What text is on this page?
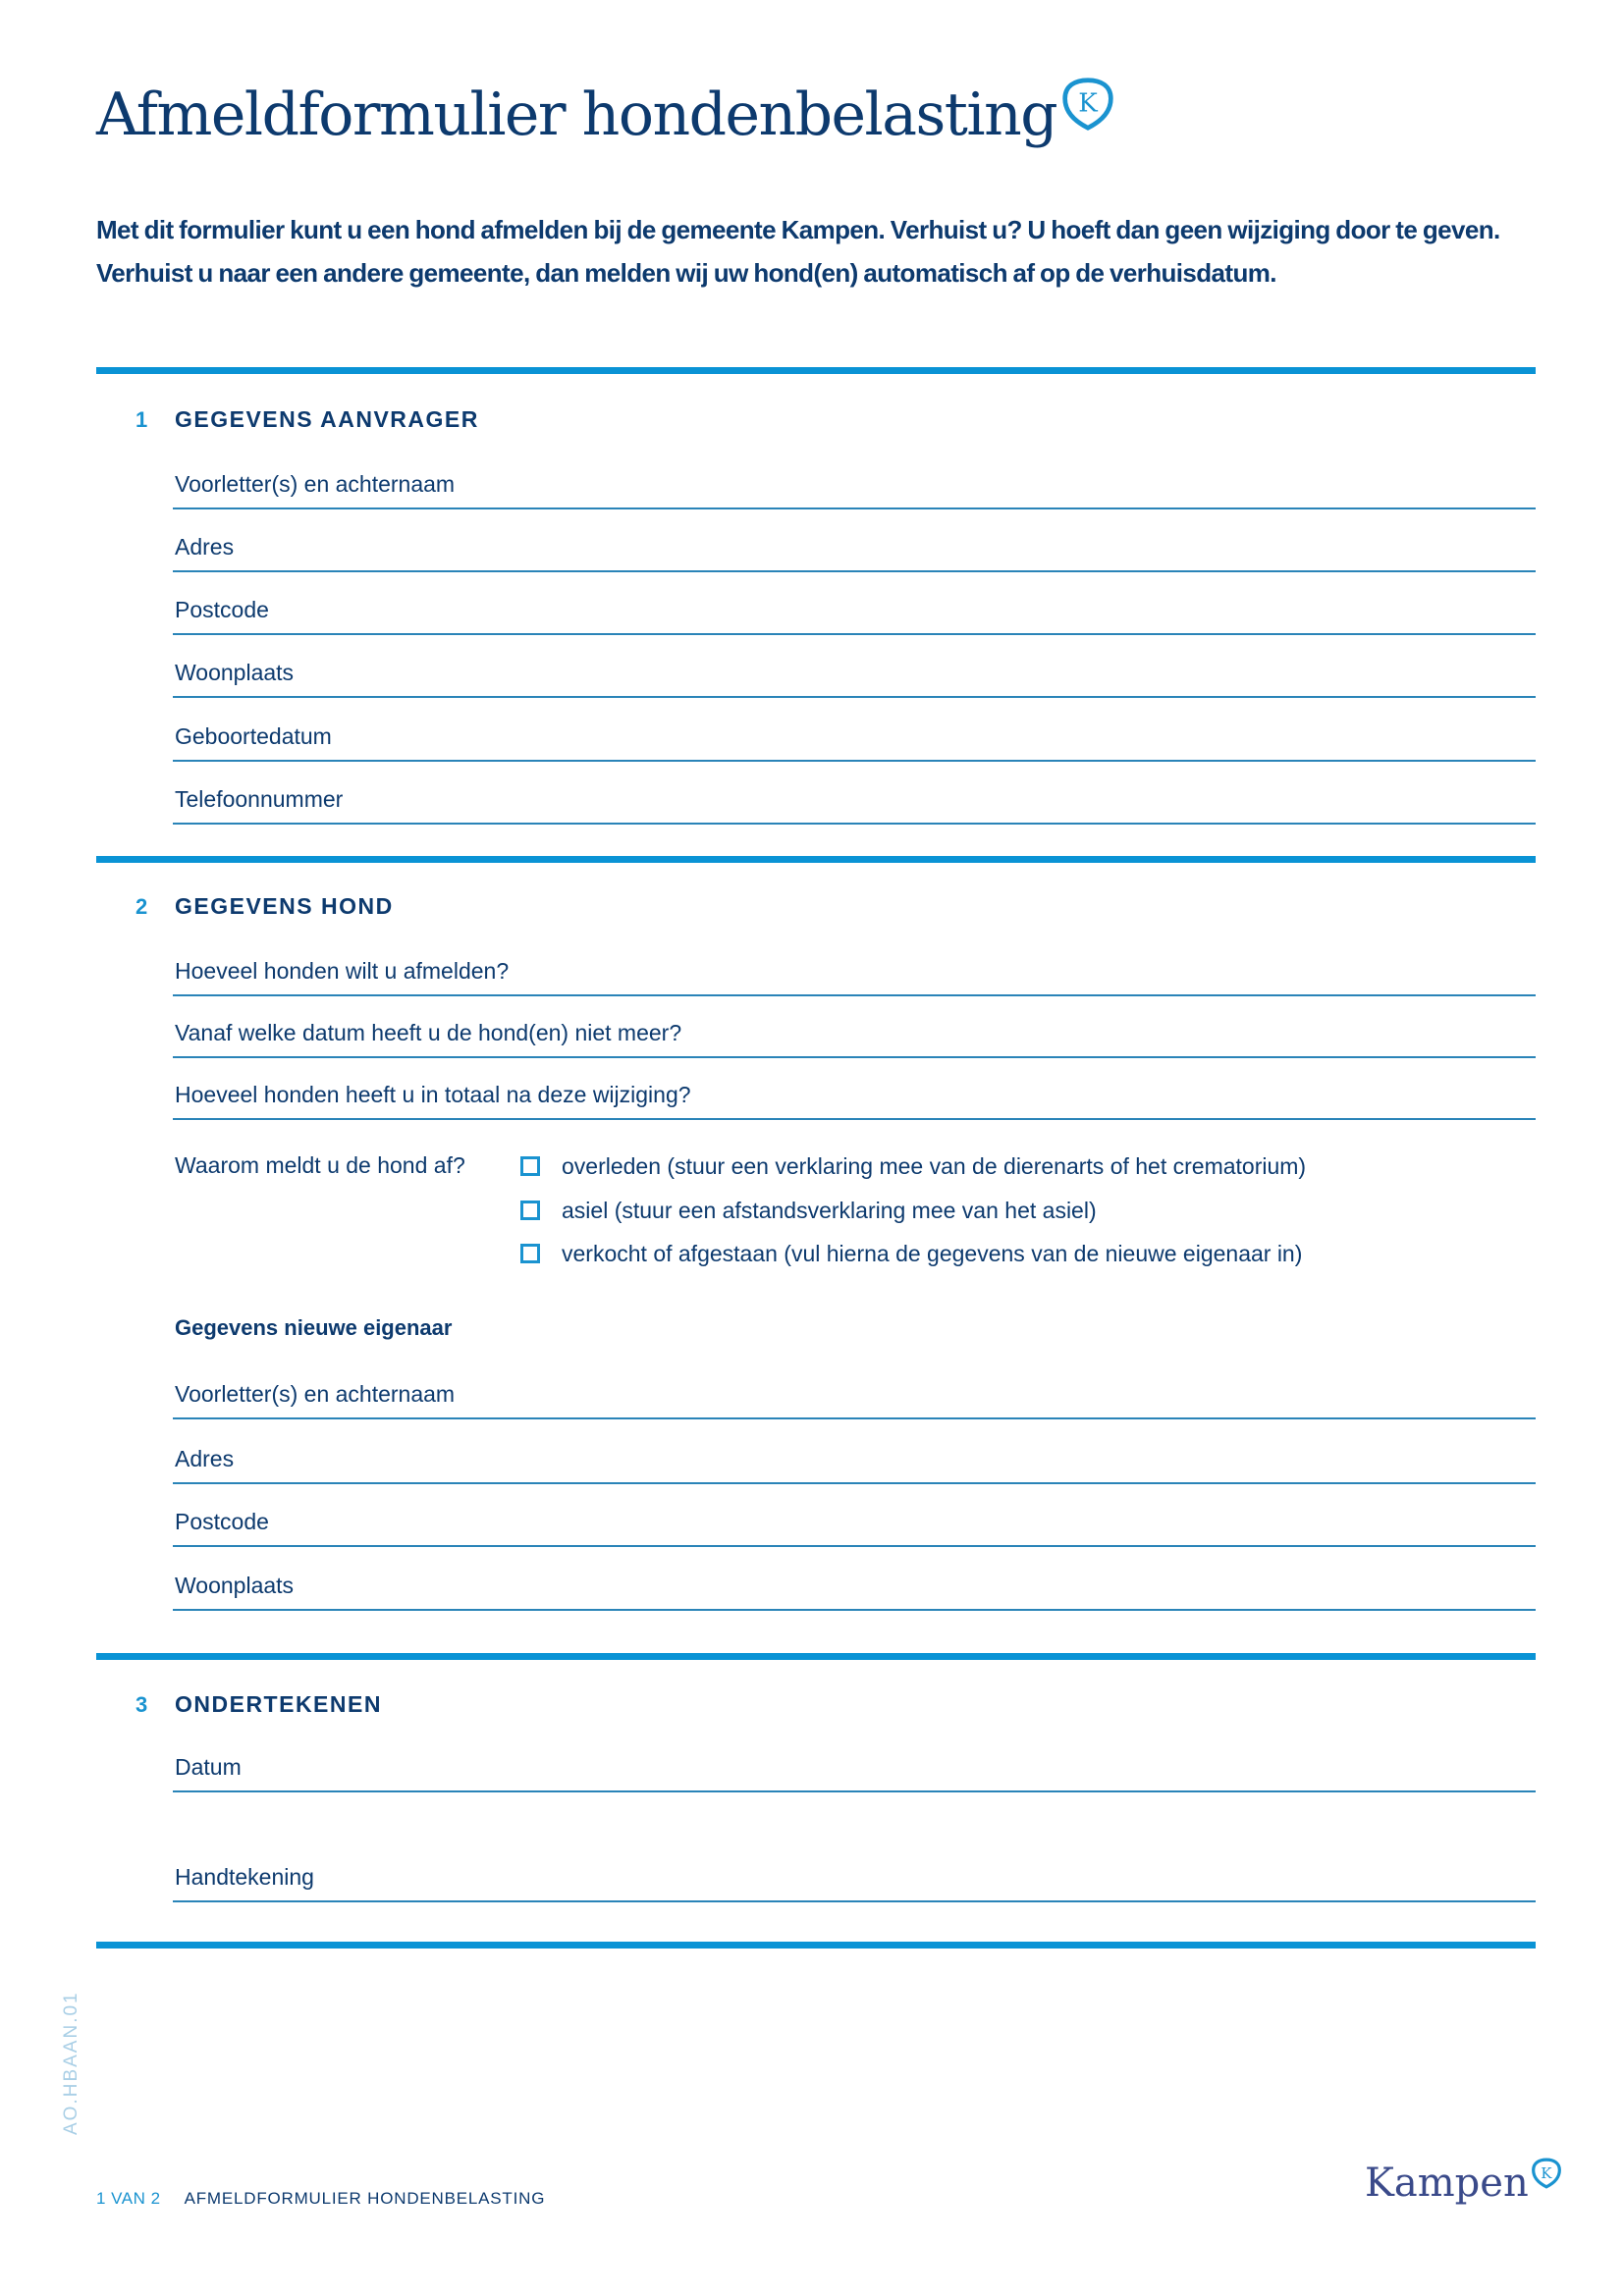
Afmeldformulier hondenbelasting K
Met dit formulier kunt u een hond afmelden bij de gemeente Kampen. Verhuist u? U hoeft dan geen wijziging door te geven. Verhuist u naar een andere gemeente, dan melden wij uw hond(en) automatisch af op de verhuisdatum.
1	GEGEVENS AANVRAGER
Voorletter(s) en achternaam
Adres
Postcode
Woonplaats
Geboortedatum
Telefoonnummer
2	GEGEVENS HOND
Hoeveel honden wilt u afmelden?
Vanaf welke datum heeft u de hond(en) niet meer?
Hoeveel honden heeft u in totaal na deze wijziging?
Waarom meldt u de hond af?	overleden (stuur een verklaring mee van de dierenarts of het crematorium)
asiel (stuur een afstandsverklaring mee van het asiel)
verkocht of afgestaan (vul hierna de gegevens van de nieuwe eigenaar in)
Gegevens nieuwe eigenaar
Voorletter(s) en achternaam
Adres
Postcode
Woonplaats
3	ONDERTEKENEN
Datum
Handtekening
AO.HBAAN.01
1 VAN 2 AFMELDFORMULIER HONDENBELASTING	Kampen K
